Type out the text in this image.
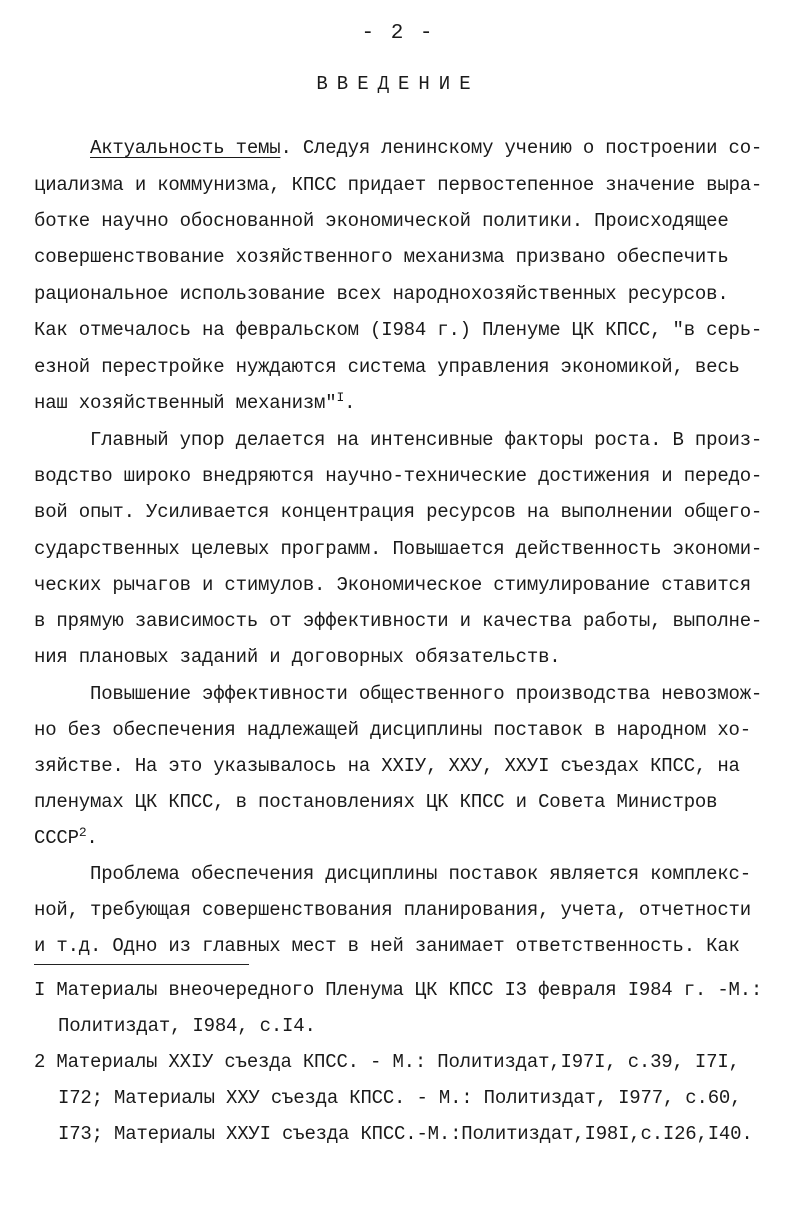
- 2 -
ВВЕДЕНИЕ
Актуальность темы. Следуя ленинскому учению о построении со-
циализма и коммунизма, КПСС придает первостепенное значение выра-
ботке научно обоснованной экономической политики. Происходящее
совершенствование хозяйственного механизма призвано обеспечить
рациональное использование всех народнохозяйственных ресурсов.
Как отмечалось на февральском (I984 г.) Пленуме ЦК КПСС, "в серь-
езной перестройке нуждаются система управления экономикой, весь
наш хозяйственный механизм"$^I$.
Главный упор делается на интенсивные факторы роста. В произ-
водство широко внедряются научно-технические достижения и передо-
вой опыт. Усиливается концентрация ресурсов на выполнении общего-
сударственных целевых программ. Повышается действенность экономи-
ческих рычагов и стимулов. Экономическое стимулирование ставится
в прямую зависимость от эффективности и качества работы, выполне-
ния плановых заданий и договорных обязательств.
Повышение эффективности общественного производства невозмож-
но без обеспечения надлежащей дисциплины поставок в народном хо-
зяйстве. На это указывалось на ХХIУ, ХХУ, ХХУI съездах КПСС, на
пленумах ЦК КПСС, в постановлениях ЦК КПСС и Совета Министров
СССР$^2$.
Проблема обеспечения дисциплины поставок является комплекс-
ной, требующая совершенствования планирования, учета, отчетности
и т.д. Одно из главных мест в ней занимает ответственность. Как
I Материалы внеочередного Пленума ЦК КПСС I3 февраля I984 г. -М.:
Политиздат, I984, с.I4.
2 Материалы ХХIУ съезда КПСС. - М.: Политиздат,I97I, с.39, I7I,
I72; Материалы ХХУ съезда КПСС. - М.: Политиздат, I977, с.60,
I73; Материалы ХХУI съезда КПСС.-М.:Политиздат,I98I,с.I26,I40.
